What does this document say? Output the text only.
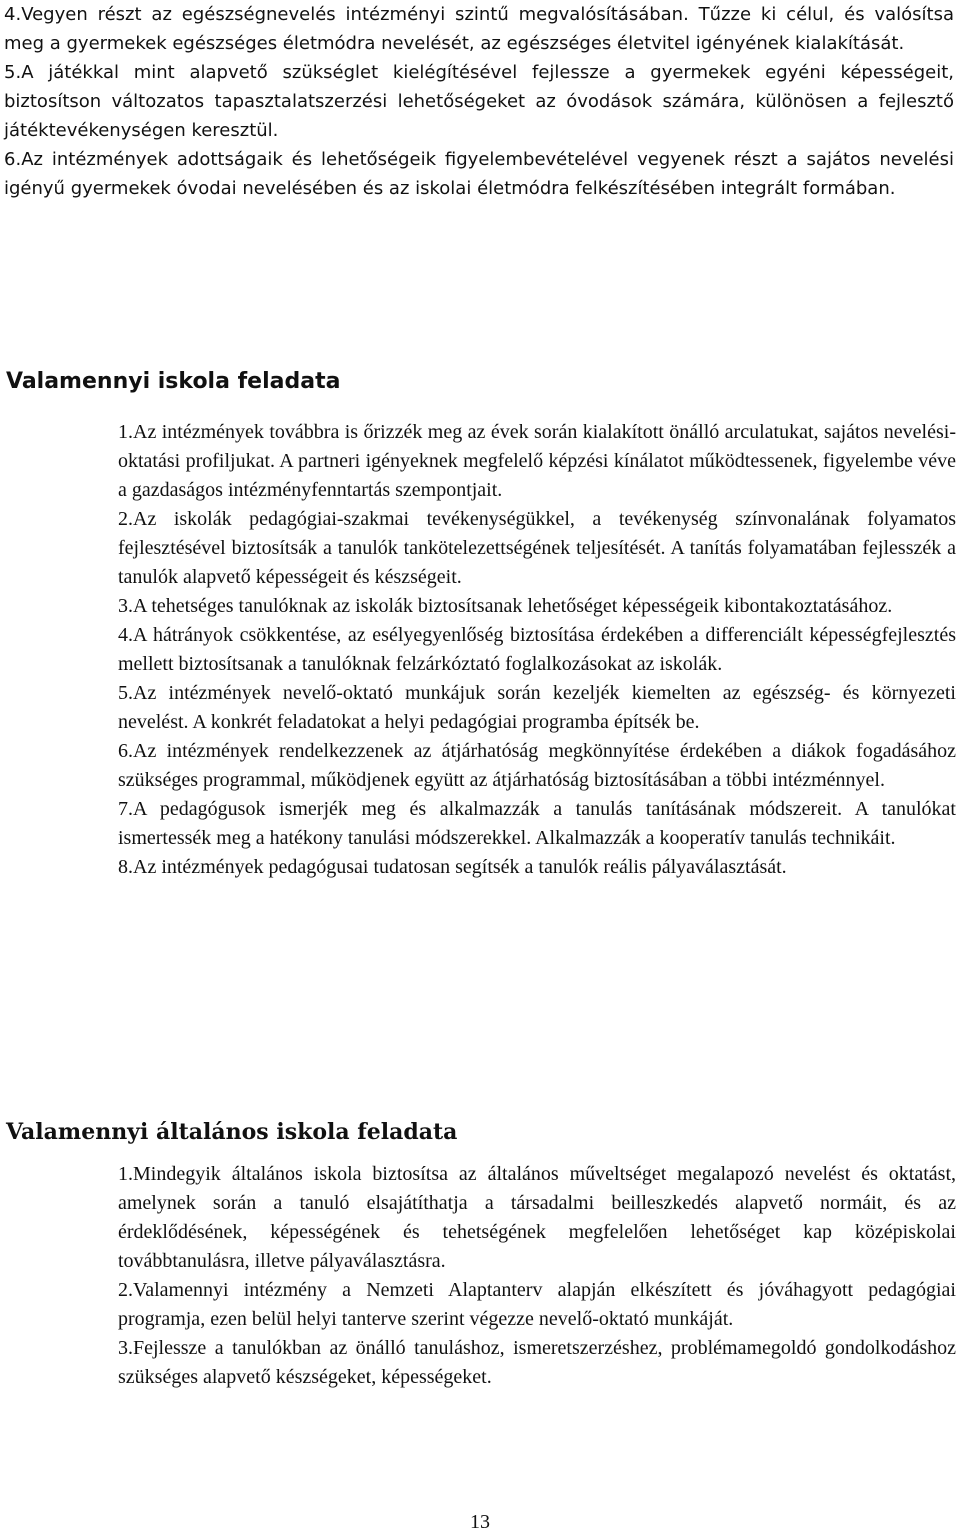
4.Vegyen részt az egészségnevelés intézményi szintű megvalósításában. Tűzze ki célul, és valósítsa meg a gyermekek egészséges életmódra nevelését, az egészséges életvitel igényének kialakítását.

5.A játékkal mint alapvető szükséglet kielégítésével fejlessze a gyermekek egyéni képességeit, biztosítson változatos tapasztalatszerzési lehetőségeket az óvodások számára, különösen a fejlesztő játéktevékenységen keresztül.

6.Az intézmények adottságaik és lehetőségeik figyelembevételével vegyenek részt a sajátos nevelési igényű gyermekek óvodai nevelésében és az iskolai életmódra felkészítésében integrált formában.

Valamennyi iskola feladata
1.Az intézmények továbbra is őrizzék meg az évek során kialakított önálló arculatukat, sajátos nevelési-oktatási profiljukat. A partneri igényeknek megfelelő képzési kínálatot működtessenek, figyelembe véve a gazdaságos intézményfenntartás szempontjait.
2.Az iskolák pedagógiai-szakmai tevékenységükkel, a tevékenység színvonalának folyamatos fejlesztésével biztosítsák a tanulók tankötelezettségének teljesítését. A tanítás folyamatában fejlesszék a tanulók alapvető képességeit és készségeit.
3.A tehetséges tanulóknak az iskolák biztosítsanak lehetőséget képességeik kibontakoztatásához.
4.A hátrányok csökkentése, az esélyegyenlőség biztosítása érdekében a differenciált képességfejlesztés mellett biztosítsanak a tanulóknak felzárkóztató foglalkozásokat az iskolák.
5.Az intézmények nevelő-oktató munkájuk során kezeljék kiemelten az egészség- és környezeti nevelést. A konkrét feladatokat a helyi pedagógiai programba építsék be.
6.Az intézmények rendelkezzenek az átjárhatóság megkönnyítése érdekében a diákok fogadásához szükséges programmal, működjenek együtt az átjárhatóság biztosításában a többi intézménnyel.
7.A pedagógusok ismerjék meg és alkalmazzák a tanulás tanításának módszereit. A tanulókat ismertessék meg a hatékony tanulási módszerekkel. Alkalmazzák a kooperatív tanulás technikáit.
8.Az intézmények pedagógusai tudatosan segítsék a tanulók reális pályaválasztását.
Valamennyi általános iskola feladata
1.Mindegyik általános iskola biztosítsa az általános műveltséget megalapozó nevelést és oktatást, amelynek során a tanuló elsajátíthatja a társadalmi beilleszkedés alapvető normáit, és az érdeklődésének, képességének és tehetségének megfelelően lehetőséget kap középiskolai továbbtanulásra, illetve pályaválasztásra.
2.Valamennyi intézmény a Nemzeti Alaptanterv alapján elkészített és jóváhagyott pedagógiai programja, ezen belül helyi tanterve szerint végezze nevelő-oktató munkáját.
3.Fejlessze a tanulókban az önálló tanuláshoz, ismeretszerzéshez, problémamegoldó gondolkodáshoz szükséges alapvető készségeket, képességeket.
13
